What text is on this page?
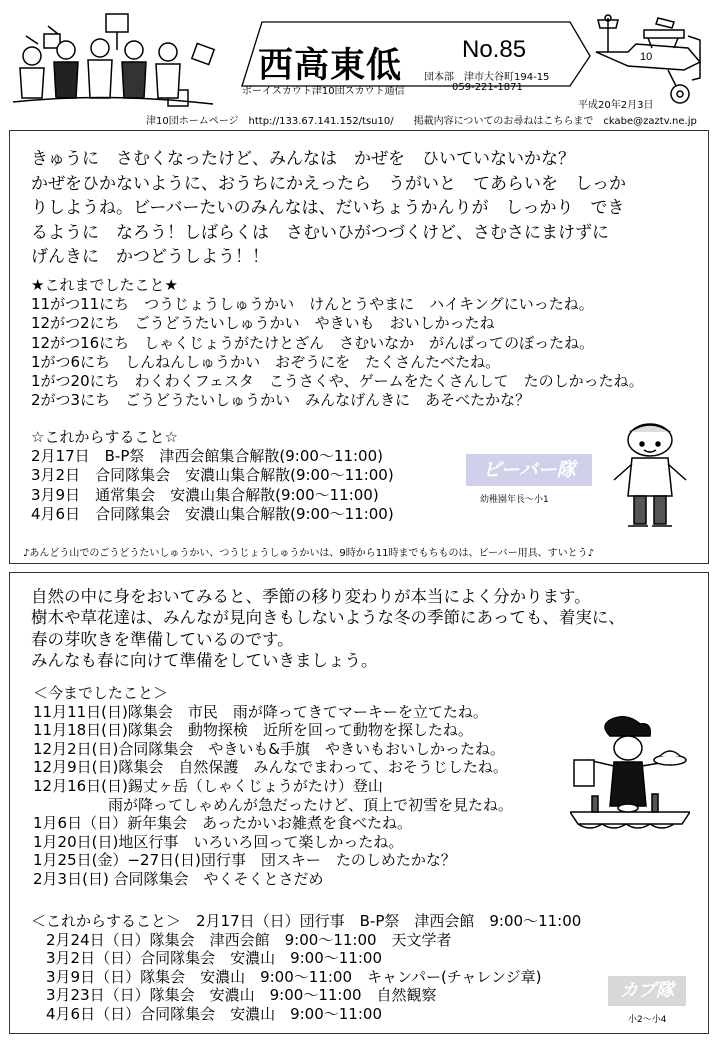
西高東低 No.85
団本部　津市大谷町194-15
ボーイスカウト津10団スカウト通信	059-221-1871
10
平成20年2月3日
津10団ホームページ　http://133.67.141.152/tsu10/　　掲載内容についてのお尋ねはこちらまで　ckabe@zaztv.ne.jp
きゅうに　さむくなったけど、みんなは　かぜを　ひいていないかな？
かぜをひかないように、おうちにかえったら　うがいと　てあらいを　しっか
りしようね。ビーバーたいのみんなは、だいちょうかんりが　しっかり　でき
るように　なろう！しばらくは　さむいひがつづくけど、さむさにまけずに
げんきに　かつどうしよう！！
★これまでしたこと★
11がつ11にち　つうじょうしゅうかい　けんとうやまに　ハイキングにいったね。
12がつ2にち　ごうどうたいしゅうかい　やきいも　おいしかったね
12がつ16にち　しゃくじょうがたけとざん　さむいなか　がんばってのぼったね。
1がつ6にち　しんねんしゅうかい　おぞうにを　たくさんたべたね。
1がつ20にち　わくわくフェスタ　こうさくや、ゲームをたくさんして　たのしかったね。
2がつ3にち　ごうどうたいしゅうかい　みんなげんきに　あそべたかな？
☆これからすること☆
2月17日　B-P祭　津西会館集合解散(9:00～11:00)
3月2日　合同隊集会　安濃山集合解散(9:00～11:00)
3月9日　通常集会　安濃山集合解散(9:00～11:00)
4月6日　合同隊集会　安濃山集合解散(9:00～11:00)
ビーバー隊
幼稚園年長～小1
♪あんどう山でのごうどうたいしゅうかい、つうじょうしゅうかいは、9時から11時までもちものは、ビーバー用具、すいとう♪
自然の中に身をおいてみると、季節の移り変わりが本当によく分かります。
樹木や草花達は、みんなが見向きもしないような冬の季節にあっても、着実に、
春の芽吹きを準備しているのです。
みんなも春に向けて準備をしていきましょう。
＜今までしたこと＞
11月11日(日)隊集会　市民　雨が降ってきてマーキーを立てたね。
11月18日(日)隊集会　動物探検　近所を回って動物を探したね。
12月2日(日)合同隊集会　やきいも&手旗　やきいもおいしかったね。
12月9日(日)隊集会　自然保護　みんなでまわって、おそうじしたね。
12月16日(日)錫丈ヶ岳（しゃくじょうがたけ）登山
　　　　　雨が降ってしゃめんが急だったけど、頂上で初雪を見たね。
1月6日（日）新年集会　あったかいお雑煮を食べたね。
1月20日(日)地区行事　いろいろ回って楽しかったね。
1月25日(金）−27日(日)団行事　団スキー　たのしめたかな？
2月3日(日) 合同隊集会　やくそくとさだめ
＜これからすること＞　2月17日（日）団行事　B-P祭　津西会館　9:00～11:00
　2月24日（日）隊集会　津西会館　9:00～11:00　天文学者
　3月2日（日）合同隊集会　安濃山　9:00～11:00
　3月9日（日）隊集会　安濃山　9:00～11:00　キャンパー(チャレンジ章)
　3月23日（日）隊集会　安濃山　9:00～11:00　自然観察
　4月6日（日）合同隊集会　安濃山　9:00～11:00
カブ隊
小2～小4
